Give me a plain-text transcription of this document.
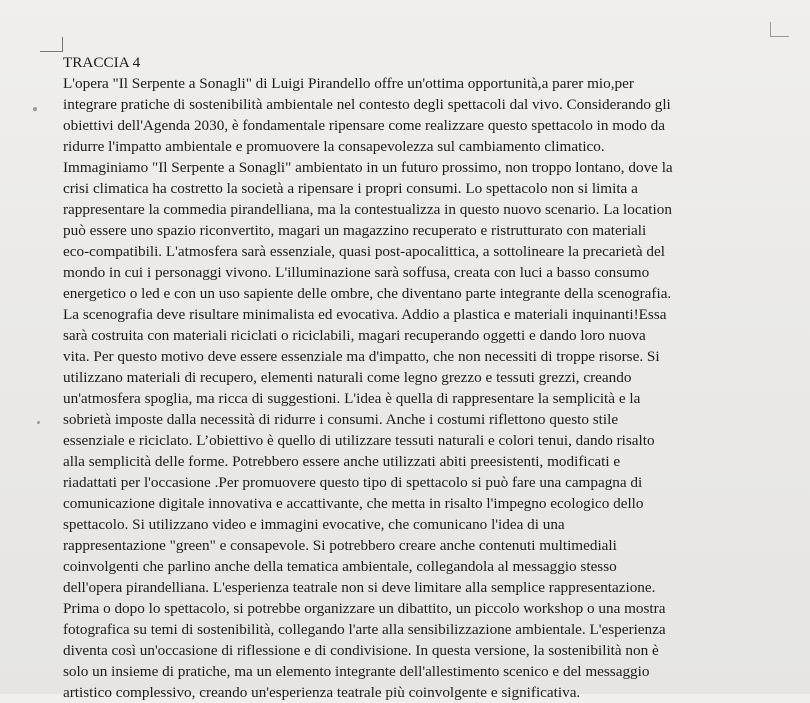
TRACCIA 4
L'opera "Il Serpente a Sonagli" di Luigi Pirandello offre un'ottima opportunità,a parer mio,per
integrare pratiche di sostenibilità ambientale nel contesto degli spettacoli dal vivo. Considerando gli
obiettivi dell'Agenda 2030, è fondamentale ripensare come realizzare questo spettacolo in modo da
ridurre l'impatto ambientale e promuovere la consapevolezza sul cambiamento climatico.
Immaginiamo "Il Serpente a Sonagli" ambientato in un futuro prossimo, non troppo lontano, dove la
crisi climatica ha costretto la società a ripensare i propri consumi. Lo spettacolo non si limita a
rappresentare la commedia pirandelliana, ma la contestualizza in questo nuovo scenario. La location
può essere uno spazio riconvertito, magari un magazzino recuperato e ristrutturato con materiali
eco-compatibili. L'atmosfera sarà essenziale, quasi post-apocalittica, a sottolineare la precarietà del
mondo in cui i personaggi vivono. L'illuminazione sarà soffusa, creata con luci a basso consumo
energetico o led e con un uso sapiente delle ombre, che diventano parte integrante della scenografia.
La scenografia deve risultare minimalista ed evocativa. Addio a plastica e materiali inquinanti!Essa
sarà costruita con materiali riciclati o riciclabili, magari recuperando oggetti e dando loro nuova
vita. Per questo motivo deve essere essenziale ma d'impatto, che non necessiti di troppe risorse. Si
utilizzano materiali di recupero, elementi naturali come legno grezzo e tessuti grezzi, creando
un'atmosfera spoglia, ma ricca di suggestioni. L'idea è quella di rappresentare la semplicità e la
sobrietà imposte dalla necessità di ridurre i consumi. Anche i costumi riflettono questo stile
essenziale e riciclato. L’obiettivo è quello di utilizzare tessuti naturali e colori tenui, dando risalto
alla semplicità delle forme. Potrebbero essere anche utilizzati abiti preesistenti, modificati e
riadattati per l'occasione .Per promuovere questo tipo di spettacolo si può fare una campagna di
comunicazione digitale innovativa e accattivante, che metta in risalto l'impegno ecologico dello
spettacolo. Si utilizzano video e immagini evocative, che comunicano l'idea di una
rappresentazione "green" e consapevole. Si potrebbero creare anche contenuti multimediali
coinvolgenti che parlino anche della tematica ambientale, collegandola al messaggio stesso
dell'opera pirandelliana. L'esperienza teatrale non si deve limitare alla semplice rappresentazione.
Prima o dopo lo spettacolo, si potrebbe organizzare un dibattito, un piccolo workshop o una mostra
fotografica su temi di sostenibilità, collegando l'arte alla sensibilizzazione ambientale. L'esperienza
diventa così un'occasione di riflessione e di condivisione. In questa versione, la sostenibilità non è
solo un insieme di pratiche, ma un elemento integrante dell'allestimento scenico e del messaggio
artistico complessivo, creando un'esperienza teatrale più coinvolgente e significativa.
